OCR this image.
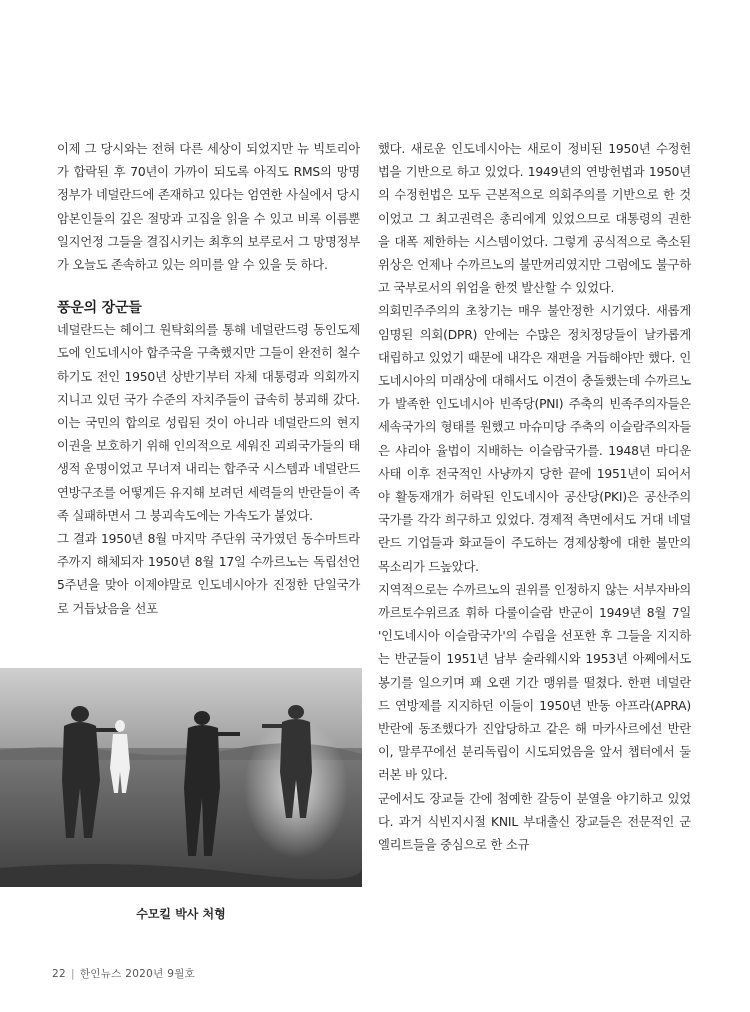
이제 그 당시와는 전혀 다른 세상이 되었지만 뉴 빅토리아가 합락된 후 70년이 가까이 되도록 아직도 RMS의 망명정부가 네덜란드에 존재하고 있다는 엄연한 사실에서 당시 암본인들의 깊은 절망과 고집을 읽을 수 있고 비록 이름뿐일지언정 그들을 결집시키는 최후의 보루로서 그 망명정부가 오늘도 존속하고 있는 의미를 알 수 있을 듯 하다.

풍운의 장군들

네덜란드는 헤이그 원탁회의를 통해 네덜란드령 동인도제도에 인도네시아 합주국을 구축했지만 그들이 완전히 철수하기도 전인 1950년 상반기부터 자체 대통령과 의회까지 지니고 있던 국가 수준의 자치주들이 급속히 붕괴해 갔다. 이는 국민의 합의로 성립된 것이 아니라 네덜란드의 현지 이권을 보호하기 위해 인의적으로 세워진 괴뢰국가들의 태생적 운명이었고 무너져 내리는 합주국 시스템과 네덜란드 연방구조를 어떻게든 유지해 보려던 세력들의 반란들이 족족 실패하면서 그 붕괴속도에는 가속도가 붙었다.

그 결과 1950년 8월 마지막 주단위 국가였던 동수마트라주까지 해체되자 1950년 8월 17일 수까르노는 독립선언 5주년을 맞아 이제야말로 인도네시아가 진정한 단일국가로 거듭났음을 선포

했다. 새로운 인도네시아는 새로이 정비된 1950년 수정헌법을 기반으로 하고 있었다. 1949년의 연방헌법과 1950년의 수정헌법은 모두 근본적으로 의회주의를 기반으로 한 것이었고 그 최고권력은 총리에게 있었으므로 대통령의 권한을 대폭 제한하는 시스템이었다. 그렇게 공식적으로 축소된 위상은 언제나 수까르노의 불만꺼리였지만 그럼에도 불구하고 국부로서의 위엄을 한껏 발산할 수 있었다.

의회민주주의의 초창기는 매우 불안정한 시기였다. 새롭게 임명된 의회(DPR) 안에는 수많은 정치정당들이 날카롭게 대립하고 있었기 때문에 내각은 재편을 거듭해야만 했다. 인도네시아의 미래상에 대해서도 이견이 충돌했는데 수까르노가 발족한 인도네시아 빈족당(PNI) 주축의 빈족주의자들은 세속국가의 형태를 원했고 마슈미당 주축의 이슬람주의자들은 샤리아 율법이 지배하는 이슬람국가를. 1948년 마디운사태 이후 전국적인 사냥까지 당한 끝에 1951년이 되어서야 활동재개가 허락된 인도네시아 공산당(PKI)은 공산주의 국가를 각각 희구하고 있었다. 경제적 측면에서도 거대 네덜란드 기업들과 화교들이 주도하는 경제상황에 대한 불만의 목소리가 드높았다.

지역적으로는 수까르노의 권위를 인정하지 않는 서부자바의 까르토수위르죠 휘하 다룰이슬람 반군이 1949년 8월 7일 '인도네시아 이슬람국가'의 수립을 선포한 후 그들을 지지하는 반군들이 1951년 남부 술라웨시와 1953년 아쩨에서도 봉기를 일으키며 꽤 오랜 기간 맹위를 떨쳤다. 한편 네덜란드 연방제를 지지하던 이들이 1950년 반동 아프라(APRA) 반란에 동조했다가 진압당하고 같은 해 마카사르에선 반란이, 말루꾸에선 분리독립이 시도되었음을 앞서 챕터에서 둘러본 바 있다.

군에서도 장교들 간에 첨예한 갈등이 분열을 야기하고 있었다. 과거 식빈지시절 KNIL 부대출신 장교들은 전문적인 군엘리트들을 중심으로 한 소규

수모킬 박사 처형
22 | 한인뉴스 2020년 9월호
